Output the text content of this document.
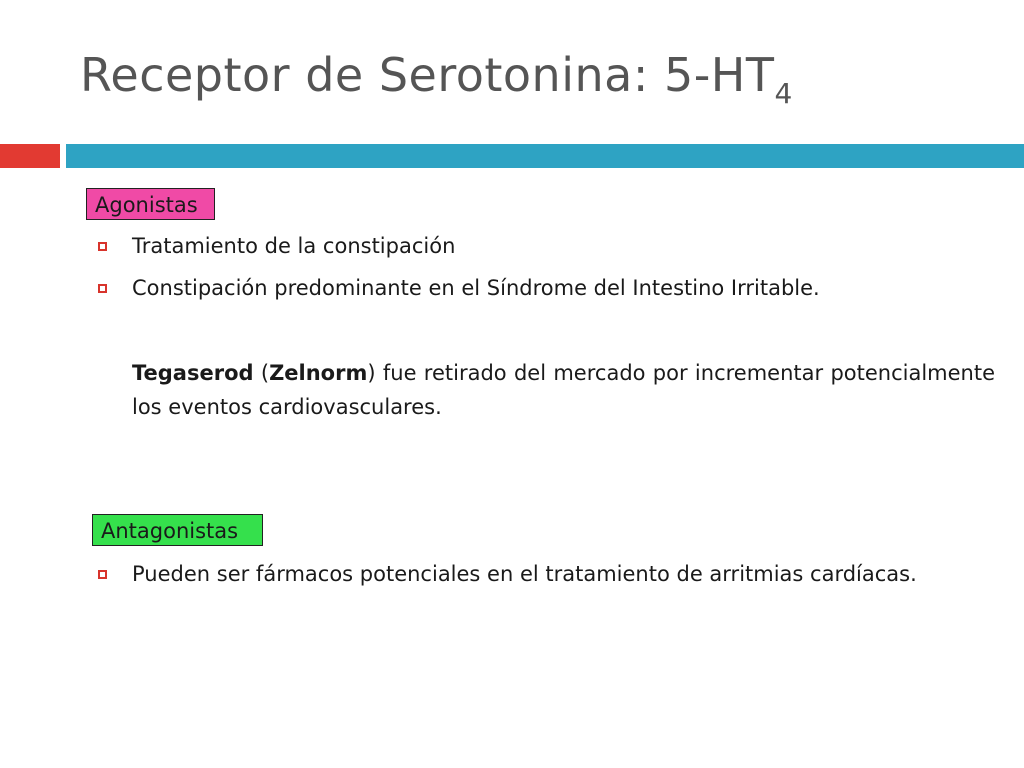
Receptor de Serotonina: $5-HT_4$
Agonistas
Tratamiento de la constipación
Constipación predominante en el Síndrome del Intestino Irritable.
Tegaserod (Zelnorm) fue retirado del mercado por incrementar potencialmente los eventos cardiovasculares.
Antagonistas
Pueden ser fármacos potenciales en el tratamiento de arritmias cardíacas.
